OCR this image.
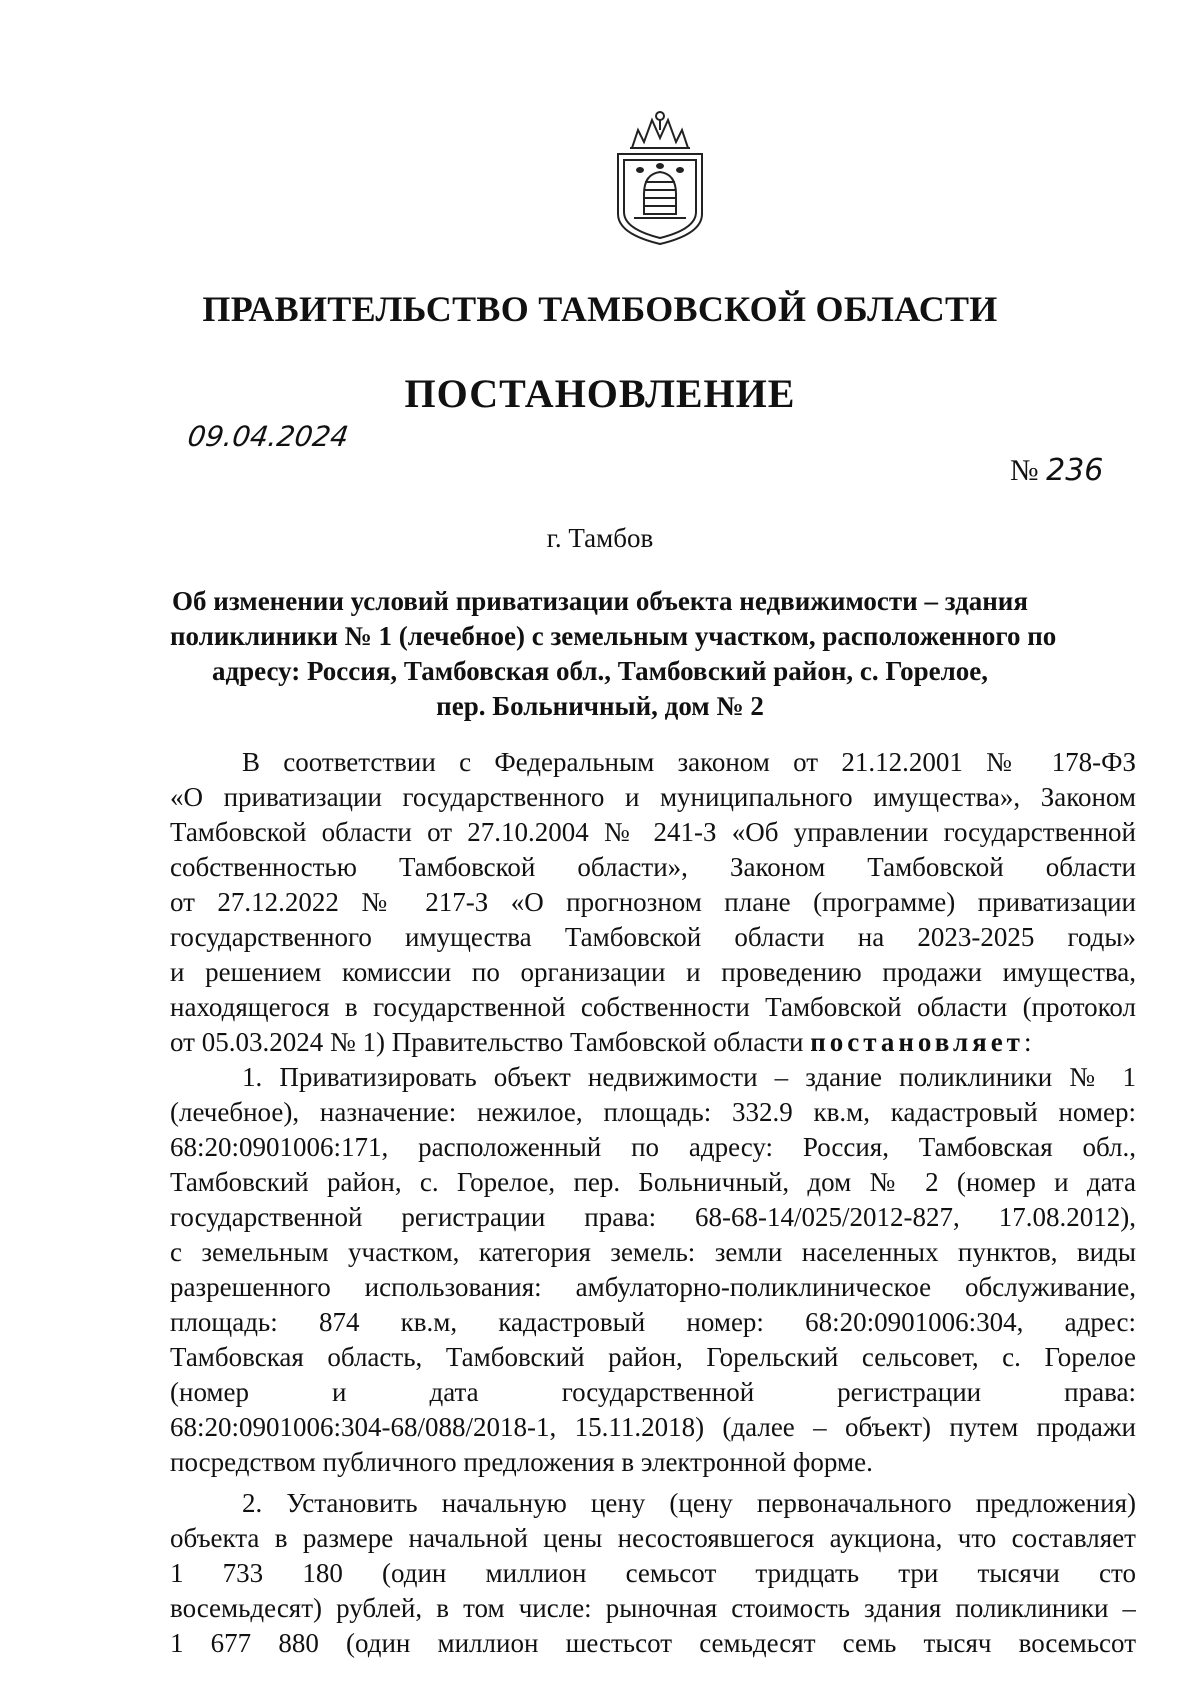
ПРАВИТЕЛЬСТВО ТАМБОВСКОЙ ОБЛАСТИ
ПОСТАНОВЛЕНИЕ
09.04.2024
№ 236
г. Тамбов
Об изменении условий приватизации объекта недвижимости – здания
поликлиники № 1 (лечебное) с земельным участком, расположенного по
адресу: Россия, Тамбовская обл., Тамбовский район, с. Горелое,
пер. Больничный, дом № 2
В соответствии с Федеральным законом от 21.12.2001 № 178-ФЗ
«О приватизации государственного и муниципального имущества», Законом
Тамбовской области от 27.10.2004 № 241-З «Об управлении государственной
собственностью Тамбовской области», Законом Тамбовской области
от 27.12.2022 № 217-З «О прогнозном плане (программе) приватизации
государственного имущества Тамбовской области на 2023-2025 годы»
и решением комиссии по организации и проведению продажи имущества,
находящегося в государственной собственности Тамбовской области (протокол
от 05.03.2024 № 1) Правительство Тамбовской области постановляет:
1. Приватизировать объект недвижимости – здание поликлиники № 1
(лечебное), назначение: нежилое, площадь: 332.9 кв.м, кадастровый номер:
68:20:0901006:171, расположенный по адресу: Россия, Тамбовская обл.,
Тамбовский район, с. Горелое, пер. Больничный, дом № 2 (номер и дата
государственной регистрации права: 68-68-14/025/2012-827, 17.08.2012),
с земельным участком, категория земель: земли населенных пунктов, виды
разрешенного использования: амбулаторно-поликлиническое обслуживание,
площадь: 874 кв.м, кадастровый номер: 68:20:0901006:304, адрес:
Тамбовская область, Тамбовский район, Горельский сельсовет, с. Горелое
(номер и дата государственной регистрации права:
68:20:0901006:304-68/088/2018-1, 15.11.2018) (далее – объект) путем продажи
посредством публичного предложения в электронной форме.
2. Установить начальную цену (цену первоначального предложения)
объекта в размере начальной цены несостоявшегося аукциона, что составляет
1 733 180 (один миллион семьсот тридцать три тысячи сто
восемьдесят) рублей, в том числе: рыночная стоимость здания поликлиники –
1 677 880 (один миллион шестьсот семьдесят семь тысяч восемьсот
